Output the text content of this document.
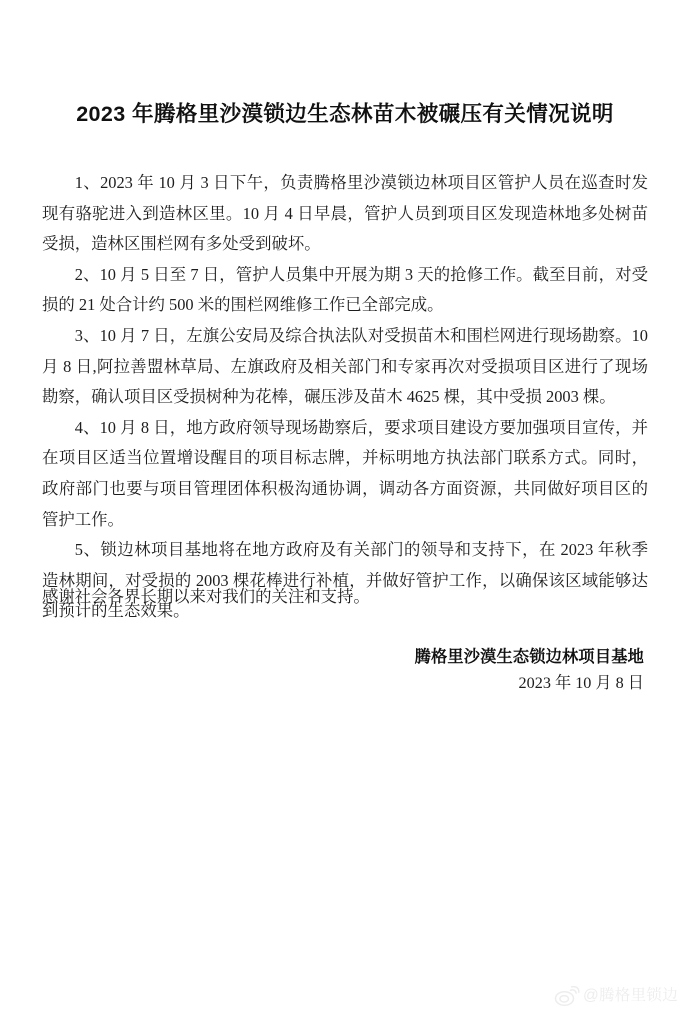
2023 年腾格里沙漠锁边生态林苗木被碾压有关情况说明

1、2023 年 10 月 3 日下午，负责腾格里沙漠锁边林项目区管护人员在巡查时发现有骆驼进入到造林区里。10 月 4 日早晨，管护人员到项目区发现造林地多处树苗受损，造林区围栏网有多处受到破坏。

2、10 月 5 日至 7 日，管护人员集中开展为期 3 天的抢修工作。截至目前，对受损的 21 处合计约 500 米的围栏网维修工作已全部完成。

3、10 月 7 日，左旗公安局及综合执法队对受损苗木和围栏网进行现场勘察。10 月 8 日,阿拉善盟林草局、左旗政府及相关部门和专家再次对受损项目区进行了现场勘察，确认项目区受损树种为花棒，碾压涉及苗木 4625 棵，其中受损 2003 棵。

4、10 月 8 日，地方政府领导现场勘察后，要求项目建设方要加强项目宣传，并在项目区适当位置增设醒目的项目标志牌，并标明地方执法部门联系方式。同时，政府部门也要与项目管理团体积极沟通协调，调动各方面资源，共同做好项目区的管护工作。

5、锁边林项目基地将在地方政府及有关部门的领导和支持下，在 2023 年秋季造林期间，对受损的 2003 棵花棒进行补植，并做好管护工作，以确保该区域能够达到预计的生态效果。

感谢社会各界长期以来对我们的关注和支持。

腾格里沙漠生态锁边林项目基地
2023 年 10 月 8 日
@腾格里锁边
